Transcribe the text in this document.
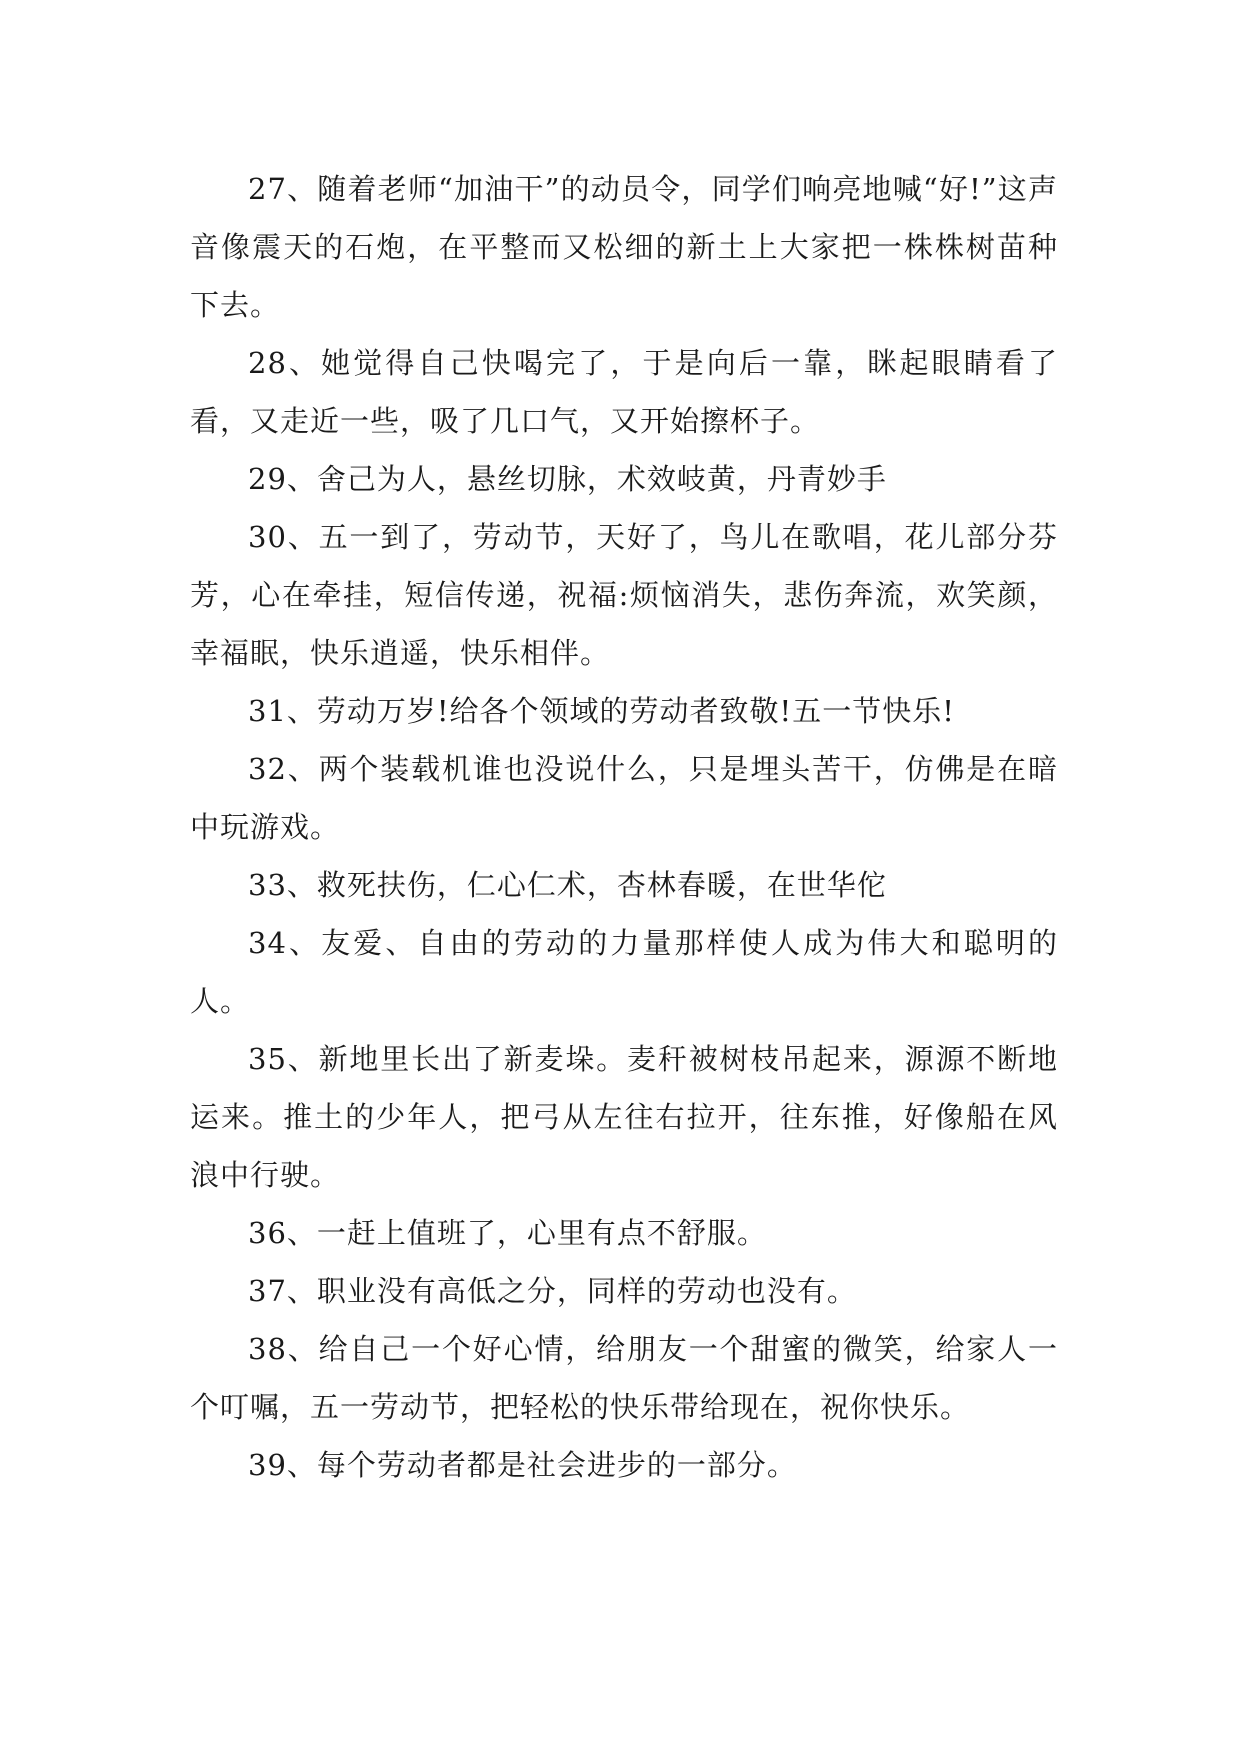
27、随着老师“加油干”的动员令，同学们响亮地喊“好!”这声音像震天的石炮，在平整而又松细的新土上大家把一株株树苗种下去。

28、她觉得自己快喝完了，于是向后一靠，眯起眼睛看了看，又走近一些，吸了几口气，又开始擦杯子。

29、舍己为人，悬丝切脉，术效岐黄，丹青妙手

30、五一到了，劳动节，天好了，鸟儿在歌唱，花儿部分芬芳，心在牵挂，短信传递，祝福:烦恼消失，悲伤奔流，欢笑颜，幸福眠，快乐逍遥，快乐相伴。

31、劳动万岁!给各个领域的劳动者致敬!五一节快乐!

32、两个装载机谁也没说什么，只是埋头苦干，仿佛是在暗中玩游戏。

33、救死扶伤，仁心仁术，杏林春暖，在世华佗

34、友爱、自由的劳动的力量那样使人成为伟大和聪明的人。

35、新地里长出了新麦垛。麦秆被树枝吊起来，源源不断地运来。推土的少年人，把弓从左往右拉开，往东推，好像船在风浪中行驶。

36、一赶上值班了，心里有点不舒服。

37、职业没有高低之分，同样的劳动也没有。

38、给自己一个好心情，给朋友一个甜蜜的微笑，给家人一个叮嘱，五一劳动节，把轻松的快乐带给现在，祝你快乐。

39、每个劳动者都是社会进步的一部分。
